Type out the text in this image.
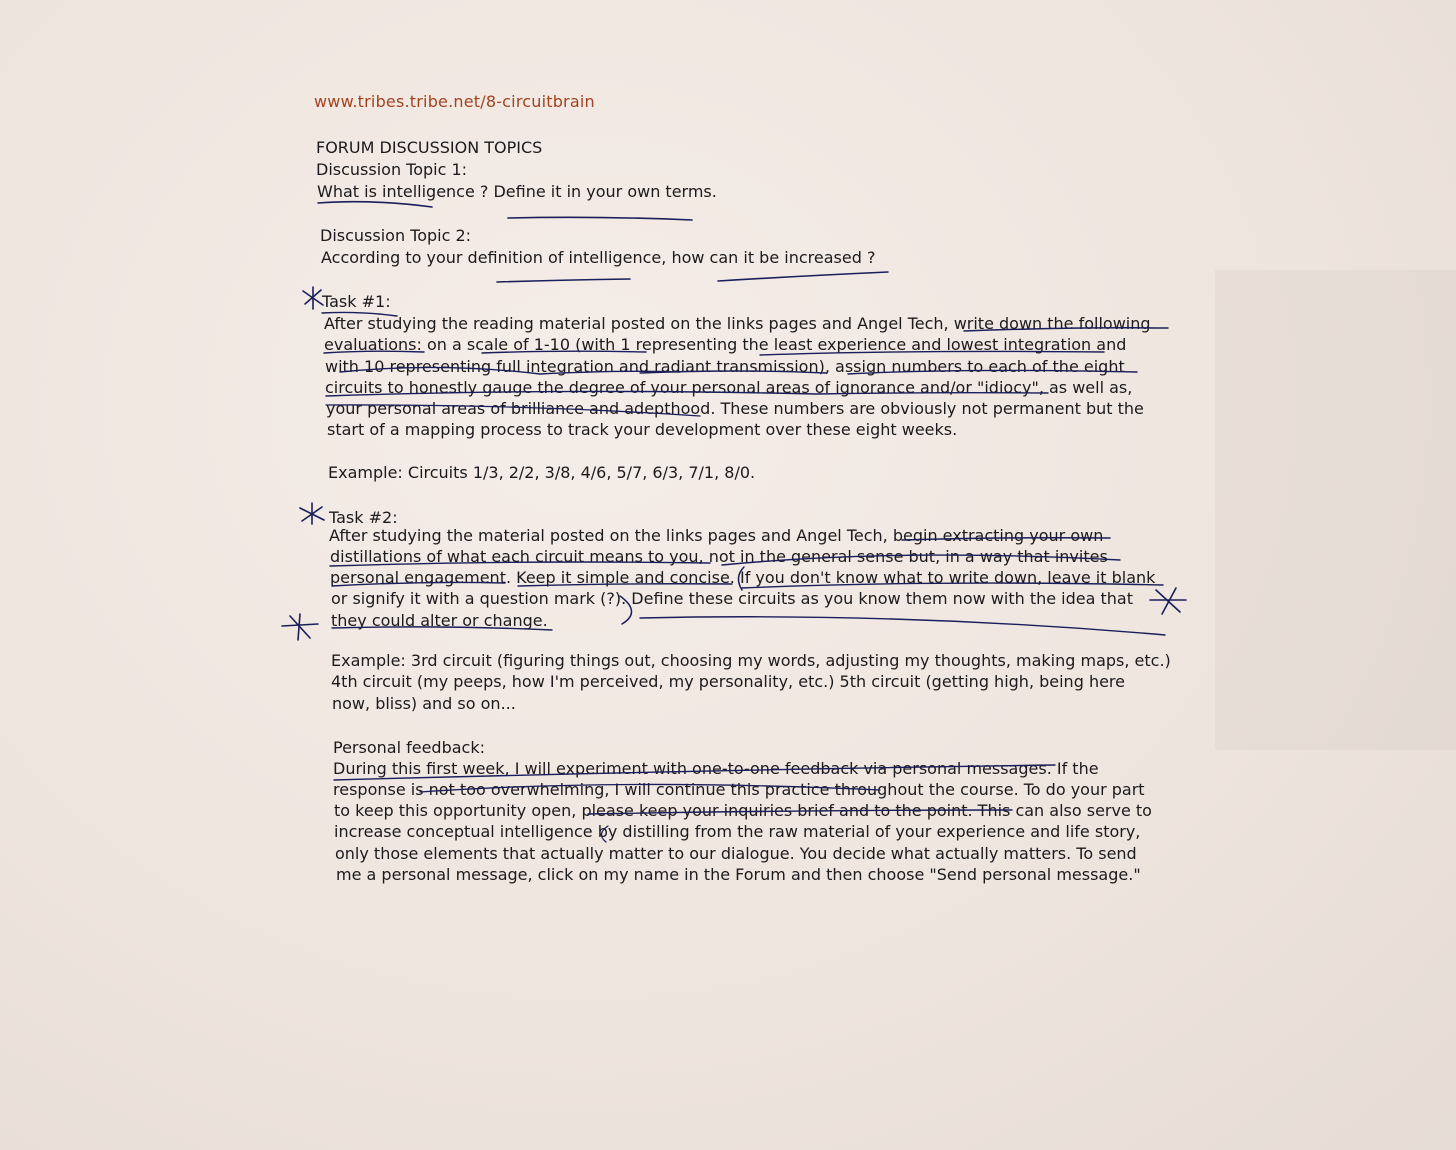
www.tribes.tribe.net/8-circuitbrain
FORUM DISCUSSION TOPICS
Discussion Topic 1:
What is intelligence ? Define it in your own terms.
Discussion Topic 2:
According to your definition of intelligence, how can it be increased ?
Task #1:
After studying the reading material posted on the links pages and Angel Tech, write down the following
evaluations: on a scale of 1-10 (with 1 representing the least experience and lowest integration and
with 10 representing full integration and radiant transmission), assign numbers to each of the eight
circuits to honestly gauge the degree of your personal areas of ignorance and/or "idiocy", as well as,
your personal areas of brilliance and adepthood. These numbers are obviously not permanent but the
start of a mapping process to track your development over these eight weeks.
Example: Circuits 1/3, 2/2, 3/8, 4/6, 5/7, 6/3, 7/1, 8/0.
Task #2:
After studying the material posted on the links pages and Angel Tech, begin extracting your own
distillations of what each circuit means to you, not in the general sense but, in a way that invites
personal engagement. Keep it simple and concise. If you don't know what to write down, leave it blank
or signify it with a question mark (?). Define these circuits as you know them now with the idea that
they could alter or change.
Example: 3rd circuit (figuring things out, choosing my words, adjusting my thoughts, making maps, etc.)
4th circuit (my peeps, how I'm perceived, my personality, etc.) 5th circuit (getting high, being here
now, bliss) and so on...
Personal feedback:
During this first week, I will experiment with one-to-one feedback via personal messages. If the
response is not too overwhelming, I will continue this practice throughout the course. To do your part
to keep this opportunity open, please keep your inquiries brief and to the point. This can also serve to
increase conceptual intelligence by distilling from the raw material of your experience and life story,
only those elements that actually matter to our dialogue. You decide what actually matters. To send
me a personal message, click on my name in the Forum and then choose "Send personal message."
